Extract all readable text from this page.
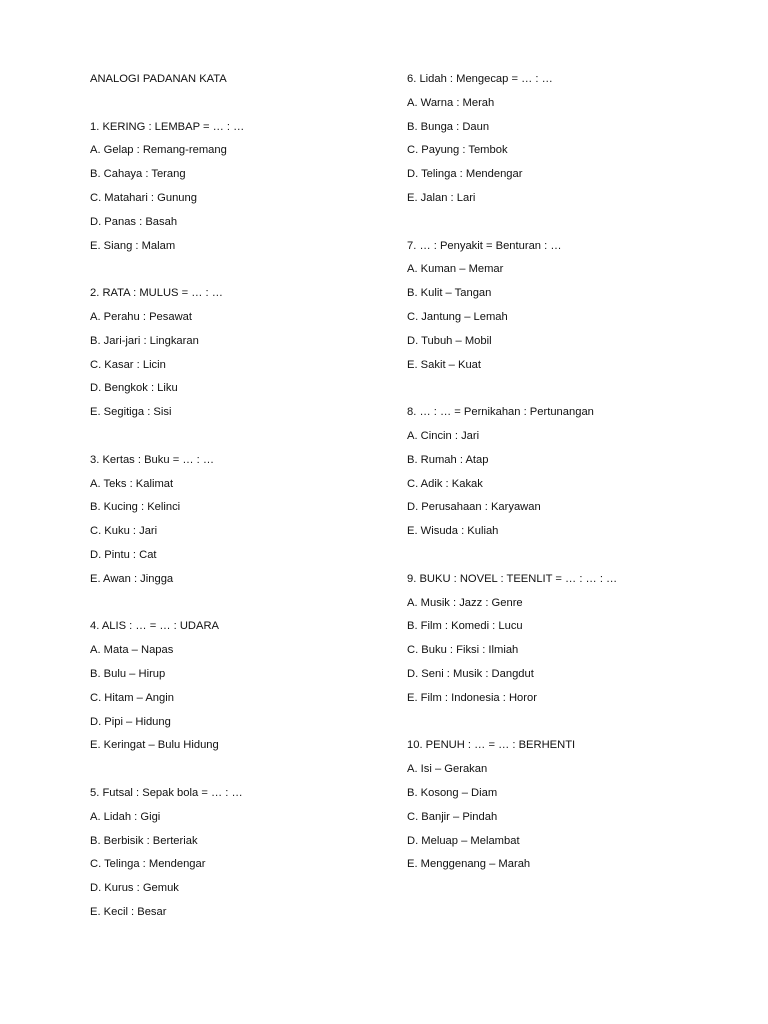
ANALOGI PADANAN KATA
1. KERING : LEMBAP = … : …
A. Gelap : Remang-remang
B. Cahaya : Terang
C. Matahari : Gunung
D. Panas : Basah
E. Siang : Malam
2. RATA : MULUS = … : …
A. Perahu : Pesawat
B. Jari-jari : Lingkaran
C. Kasar : Licin
D. Bengkok : Liku
E. Segitiga : Sisi
3. Kertas : Buku = … : …
A. Teks : Kalimat
B. Kucing : Kelinci
C. Kuku : Jari
D. Pintu : Cat
E. Awan : Jingga
4. ALIS : … = … : UDARA
A. Mata – Napas
B. Bulu – Hirup
C. Hitam – Angin
D. Pipi – Hidung
E. Keringat – Bulu Hidung
5. Futsal : Sepak bola = … : …
A. Lidah : Gigi
B. Berbisik : Berteriak
C. Telinga : Mendengar
D. Kurus : Gemuk
E. Kecil : Besar
6. Lidah : Mengecap = … : …
A. Warna : Merah
B. Bunga : Daun
C. Payung : Tembok
D. Telinga : Mendengar
E. Jalan : Lari
7. … : Penyakit = Benturan : …
A. Kuman – Memar
B. Kulit – Tangan
C. Jantung – Lemah
D. Tubuh – Mobil
E. Sakit – Kuat
8. … : … = Pernikahan : Pertunangan
A. Cincin : Jari
B. Rumah : Atap
C. Adik : Kakak
D. Perusahaan : Karyawan
E. Wisuda : Kuliah
9. BUKU : NOVEL : TEENLIT = … : … : …
A. Musik : Jazz : Genre
B. Film : Komedi : Lucu
C. Buku : Fiksi : Ilmiah
D. Seni : Musik : Dangdut
E. Film : Indonesia : Horor
10. PENUH : … = … : BERHENTI
A. Isi – Gerakan
B. Kosong – Diam
C. Banjir – Pindah
D. Meluap – Melambat
E. Menggenang – Marah
